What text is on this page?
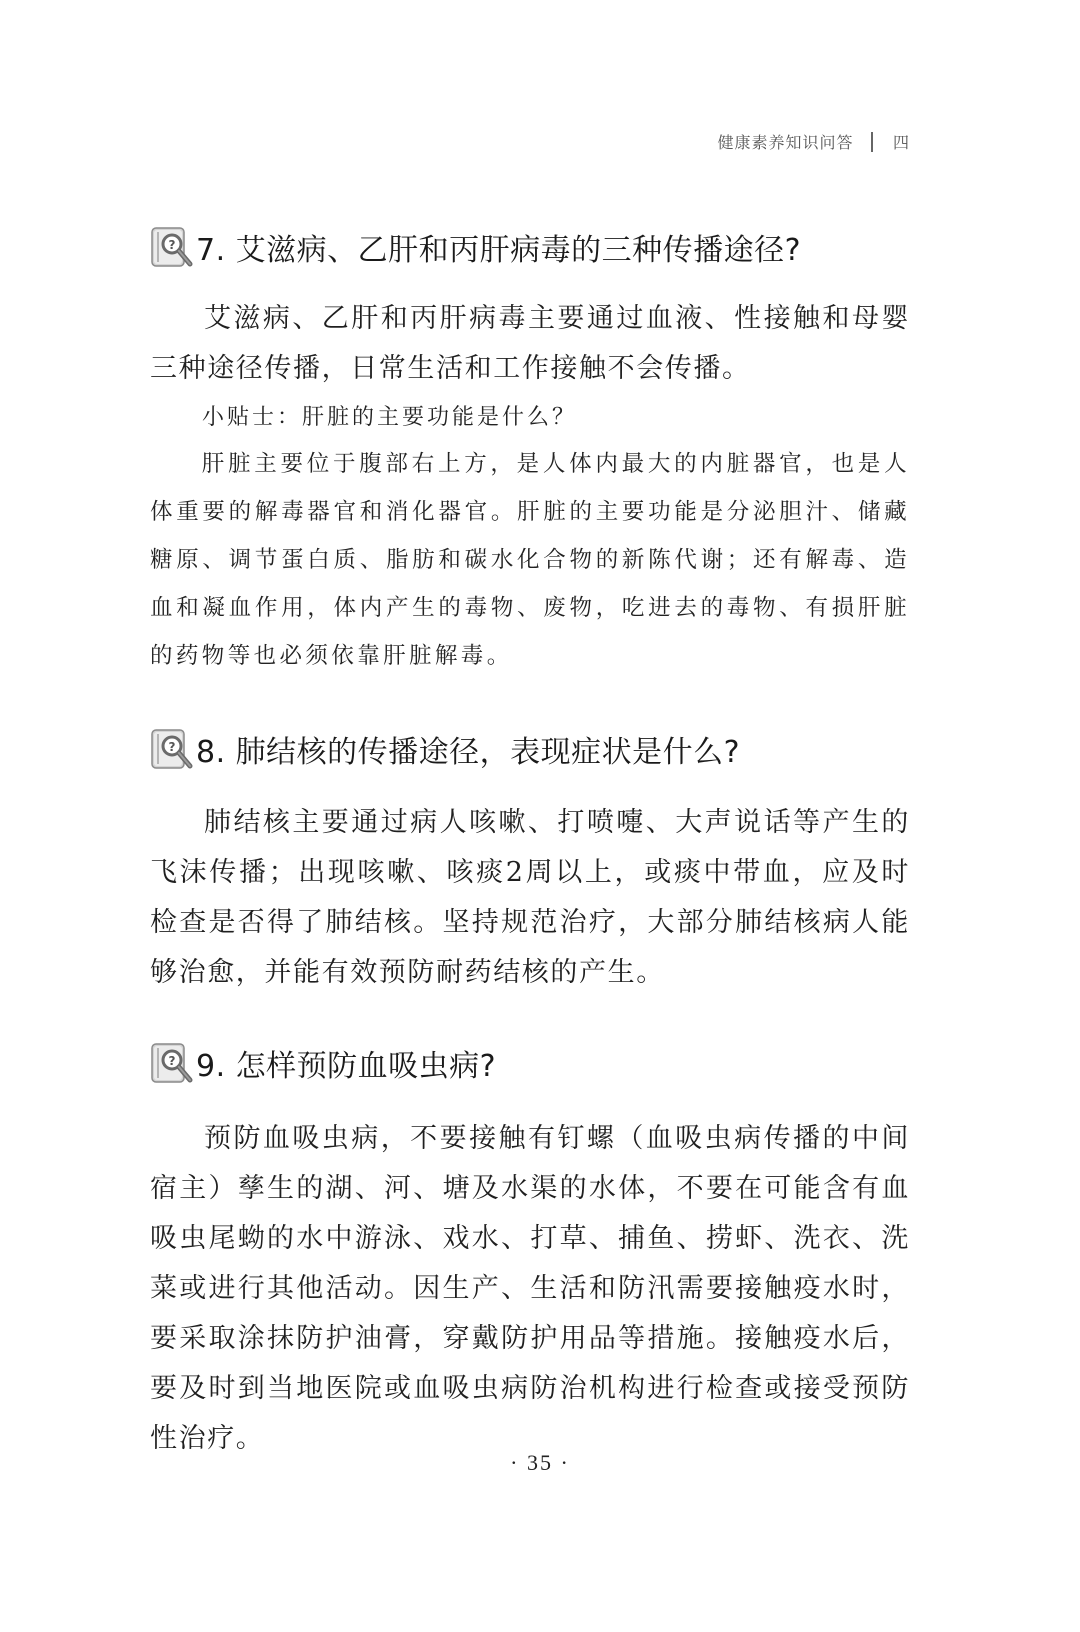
健康素养知识问答 四
? 7. 艾滋病、乙肝和丙肝病毒的三种传播途径?
艾滋病、乙肝和丙肝病毒主要通过血液、性接触和母婴三种途径传播，日常生活和工作接触不会传播。
小贴士：肝脏的主要功能是什么？
肝脏主要位于腹部右上方，是人体内最大的内脏器官，也是人体重要的解毒器官和消化器官。肝脏的主要功能是分泌胆汁、储藏糖原、调节蛋白质、脂肪和碳水化合物的新陈代谢；还有解毒、造血和凝血作用，体内产生的毒物、废物，吃进去的毒物、有损肝脏的药物等也必须依靠肝脏解毒。
? 8. 肺结核的传播途径，表现症状是什么?
肺结核主要通过病人咳嗽、打喷嚏、大声说话等产生的飞沫传播；出现咳嗽、咳痰2周以上，或痰中带血，应及时检查是否得了肺结核。坚持规范治疗，大部分肺结核病人能够治愈，并能有效预防耐药结核的产生。
? 9. 怎样预防血吸虫病?
预防血吸虫病，不要接触有钉螺（血吸虫病传播的中间宿主）孳生的湖、河、塘及水渠的水体，不要在可能含有血吸虫尾蚴的水中游泳、戏水、打草、捕鱼、捞虾、洗衣、洗菜或进行其他活动。因生产、生活和防汛需要接触疫水时，要采取涂抹防护油膏，穿戴防护用品等措施。接触疫水后，要及时到当地医院或血吸虫病防治机构进行检查或接受预防性治疗。
· 35 ·
